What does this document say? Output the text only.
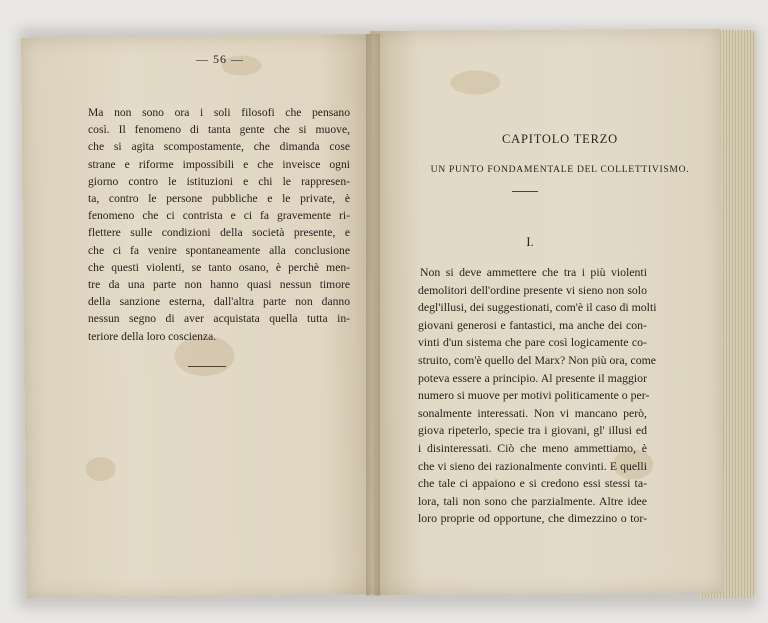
— 56 —
Ma non sono ora i soli filosofi che pensano
così. Il fenomeno di tanta gente che si muove,
che si agita scompostamente, che dimanda cose
strane e riforme impossibili e che inveisce ogni
giorno contro le istituzioni e chi le rappresen-
ta, contro le persone pubbliche e le private, è
fenomeno che ci contrista e ci fa gravemente ri-
flettere sulle condizioni della società presente, e
che ci fa venire spontaneamente alla conclusione
che questi violenti, se tanto osano, è perchè men-
tre da una parte non hanno quasi nessun timore
della sanzione esterna, dall'altra parte non danno
nessun segno di aver acquistata quella tutta in-
teriore della loro coscienza.
CAPITOLO TERZO
UN PUNTO FONDAMENTALE DEL COLLETTIVISMO.
I.
Non si deve ammettere che tra i più violenti
demolitori dell'ordine presente vi sieno non solo
degl'illusi, dei suggestionati, com'è il caso di molti
giovani generosi e fantastici, ma anche dei con-
vinti d'un sistema che pare così logicamente co-
struito, com'è quello del Marx? Non più ora, come
poteva essere a principio. Al presente il maggior
numero si muove per motivi politicamente o per-
sonalmente interessati. Non vi mancano però,
giova ripeterlo, specie tra i giovani, gl' illusi ed
i disinteressati. Ciò che meno ammettiamo, è
che vi sieno dei razionalmente convinti. E quelli
che tale ci appaiono e si credono essi stessi ta-
lora, tali non sono che parzialmente. Altre idee
loro proprie od opportune, che dimezzino o tor-
